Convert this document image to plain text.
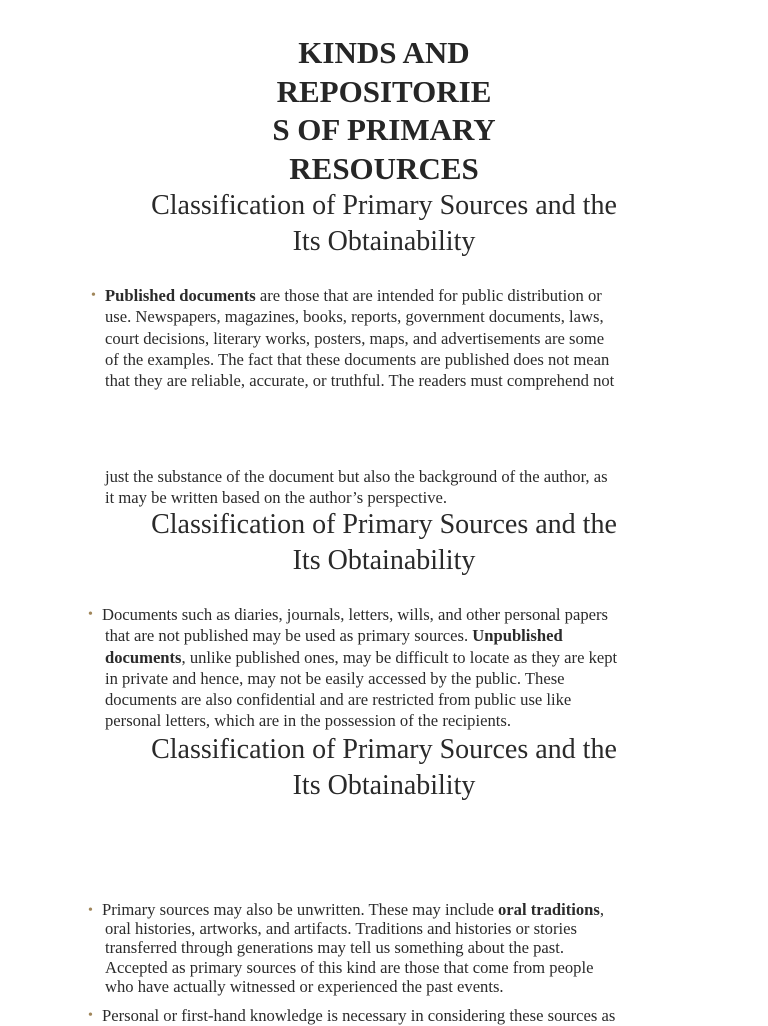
KINDS AND
REPOSITORIE
S OF PRIMARY
RESOURCES
Classification of Primary Sources and the
Its Obtainability
• Published documents are those that are intended for public distribution or
use. Newspapers, magazines, books, reports, government documents, laws,
court decisions, literary works, posters, maps, and advertisements are some
of the examples. The fact that these documents are published does not mean
that they are reliable, accurate, or truthful. The readers must comprehend not
just the substance of the document but also the background of the author, as
it may be written based on the author’s perspective.
Classification of Primary Sources and the
Its Obtainability
• Documents such as diaries, journals, letters, wills, and other personal papers
that are not published may be used as primary sources. Unpublished
documents, unlike published ones, may be difficult to locate as they are kept
in private and hence, may not be easily accessed by the public. These
documents are also confidential and are restricted from public use like
personal letters, which are in the possession of the recipients.
Classification of Primary Sources and the
Its Obtainability
• Primary sources may also be unwritten. These may include oral traditions,
oral histories, artworks, and artifacts. Traditions and histories or stories
transferred through generations may tell us something about the past.
Accepted as primary sources of this kind are those that come from people
who have actually witnessed or experienced the past events.
• Personal or first-hand knowledge is necessary in considering these sources as
